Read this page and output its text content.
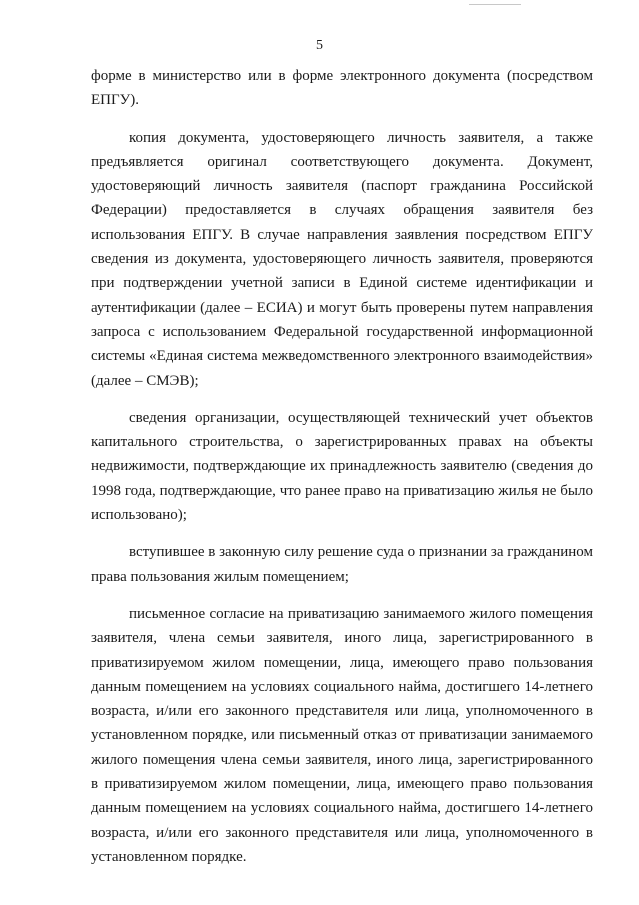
5

форме в министерство или в форме электронного документа (посредством ЕПГУ).

копия документа, удостоверяющего личность заявителя, а также предъявляется оригинал соответствующего документа. Документ, удостоверяющий личность заявителя (паспорт гражданина Российской Федерации) предоставляется в случаях обращения заявителя без использования ЕПГУ. В случае направления заявления посредством ЕПГУ сведения из документа, удостоверяющего личность заявителя, проверяются при подтверждении учетной записи в Единой системе идентификации и аутентификации (далее – ЕСИА) и могут быть проверены путем направления запроса с использованием Федеральной государственной информационной системы «Единая система межведомственного электронного взаимодействия» (далее – СМЭВ);

сведения организации, осуществляющей технический учет объектов капитального строительства, о зарегистрированных правах на объекты недвижимости, подтверждающие их принадлежность заявителю (сведения до 1998 года, подтверждающие, что ранее право на приватизацию жилья не было использовано);

вступившее в законную силу решение суда о признании за гражданином права пользования жилым помещением;

письменное согласие на приватизацию занимаемого жилого помещения заявителя, члена семьи заявителя, иного лица, зарегистрированного в приватизируемом жилом помещении, лица, имеющего право пользования данным помещением на условиях социального найма, достигшего 14-летнего возраста, и/или его законного представителя или лица, уполномоченного в установленном порядке, или письменный отказ от приватизации занимаемого жилого помещения члена семьи заявителя, иного лица, зарегистрированного в приватизируемом жилом помещении, лица, имеющего право пользования данным помещением на условиях социального найма, достигшего 14-летнего возраста, и/или его законного представителя или лица, уполномоченного в установленном порядке.
